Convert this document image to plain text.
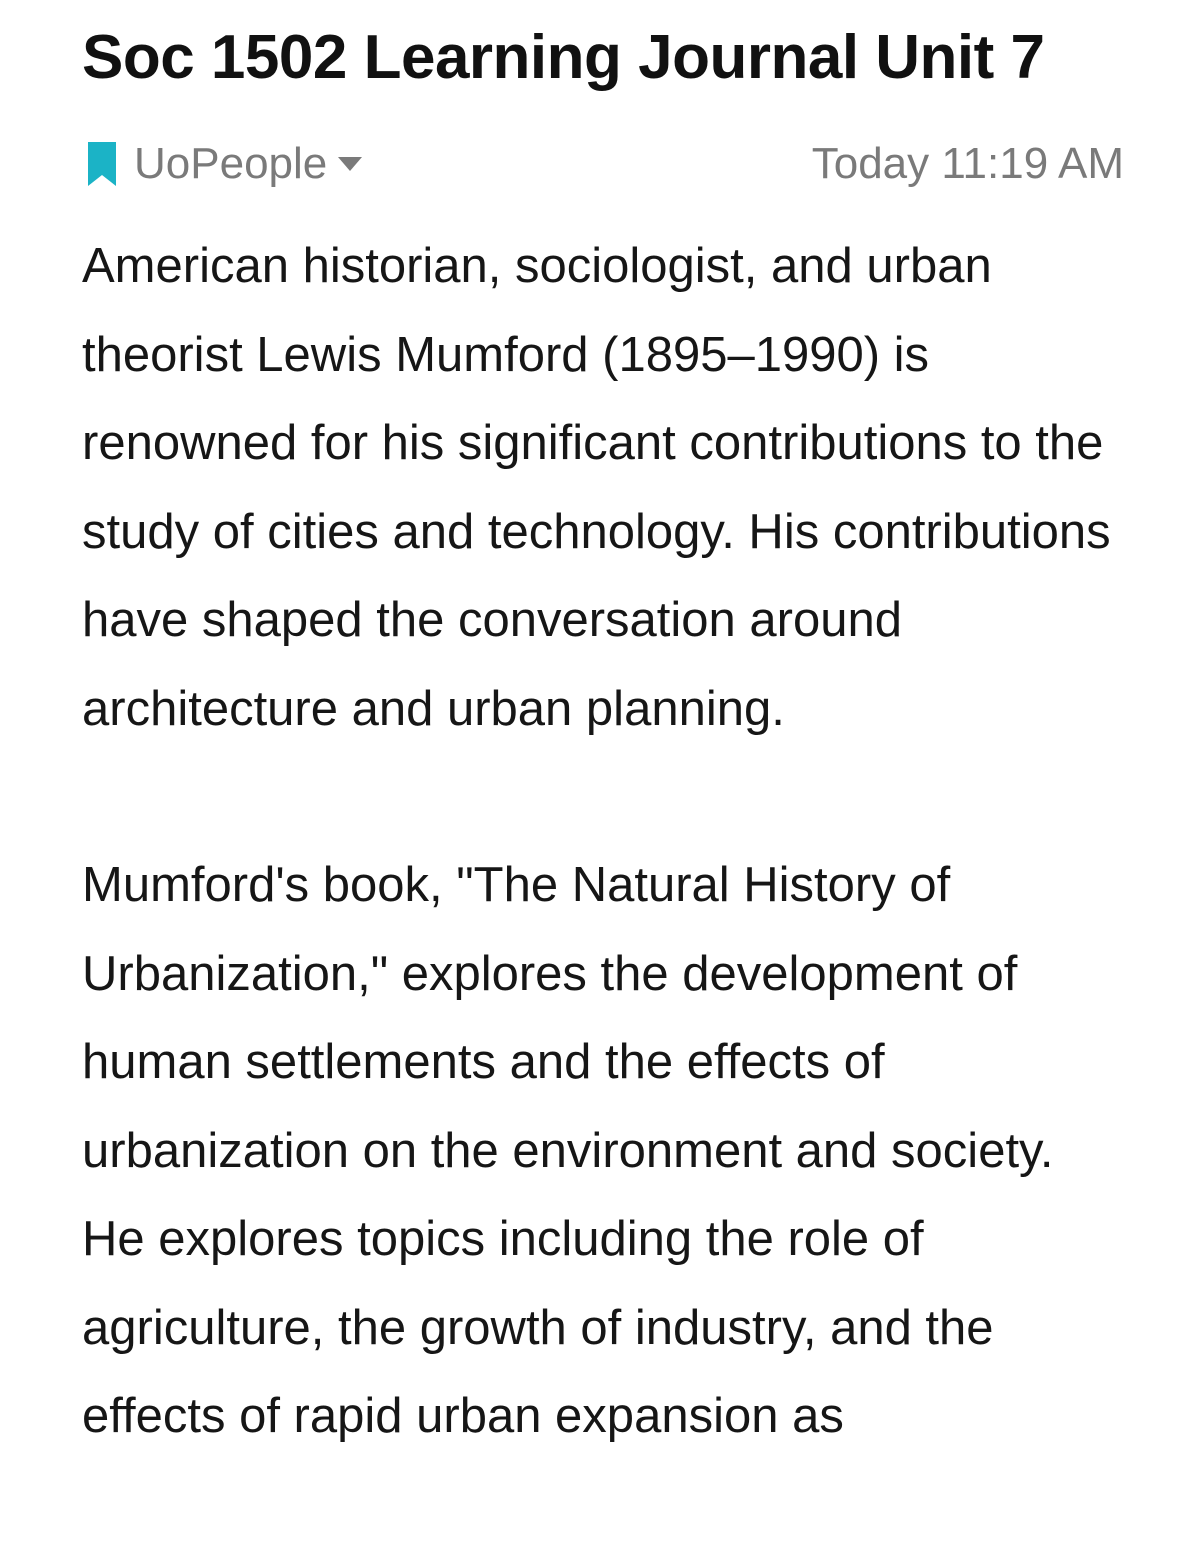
Soc 1502 Learning Journal Unit 7
UoPeople	Today 11:19 AM

American historian, sociologist, and urban theorist Lewis Mumford (1895–1990) is renowned for his significant contributions to the study of cities and technology. His contributions have shaped the conversation around architecture and urban planning.

Mumford's book, "The Natural History of Urbanization," explores the development of human settlements and the effects of urbanization on the environment and society. He explores topics including the role of agriculture, the growth of industry, and the effects of rapid urban expansion as
